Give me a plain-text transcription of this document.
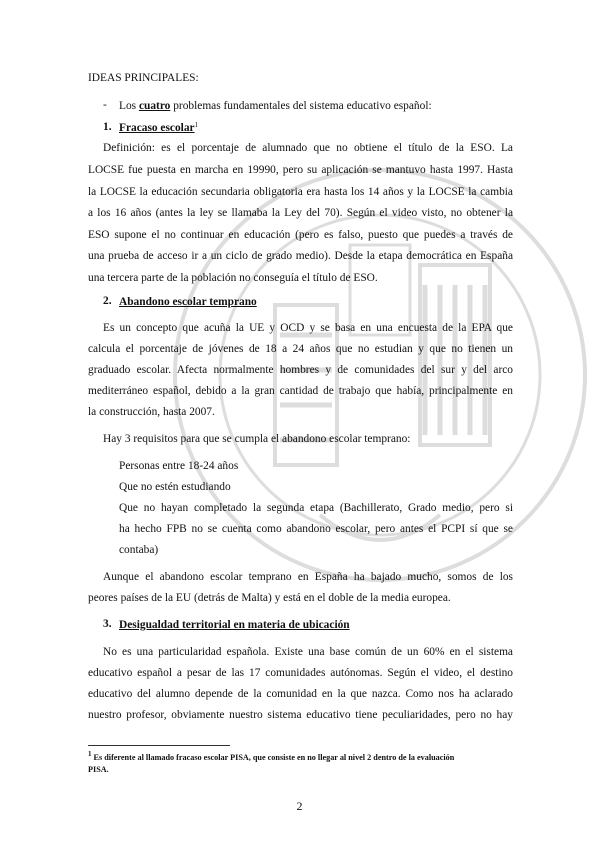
IDEAS PRINCIPALES:
- Los cuatro problemas fundamentales del sistema educativo español:
1. Fracaso escolar$^1$
Definición: es el porcentaje de alumnado que no obtiene el título de la ESO. La
LOCSE fue puesta en marcha en 19990, pero su aplicación se mantuvo hasta 1997. Hasta
la LOCSE la educación secundaria obligatoria era hasta los 14 años y la LOCSE la cambia
a los 16 años (antes la ley se llamaba la Ley del 70). Según el video visto, no obtener la
ESO supone el no continuar en educación (pero es falso, puesto que puedes a través de
una prueba de acceso ir a un ciclo de grado medio). Desde la etapa democrática en España
una tercera parte de la población no conseguía el título de ESO.
2. Abandono escolar temprano
Es un concepto que acuña la UE y OCD y se basa en una encuesta de la EPA que
calcula el porcentaje de jóvenes de 18 a 24 años que no estudian y que no tienen un
graduado escolar. Afecta normalmente hombres y de comunidades del sur y del arco
mediterráneo español, debido a la gran cantidad de trabajo que había, principalmente en
la construcción, hasta 2007.
Hay 3 requisitos para que se cumpla el abandono escolar temprano:
Personas entre 18-24 años
Que no estén estudiando
Que no hayan completado la segunda etapa (Bachillerato, Grado medio, pero si
ha hecho FPB no se cuenta como abandono escolar, pero antes el PCPI sí que se
contaba)
Aunque el abandono escolar temprano en España ha bajado mucho, somos de los
peores países de la EU (detrás de Malta) y está en el doble de la media europea.
3. Desigualdad territorial en materia de ubicación
No es una particularidad española. Existe una base común de un 60% en el sistema
educativo español a pesar de las 17 comunidades autónomas. Según el video, el destino
educativo del alumno depende de la comunidad en la que nazca. Como nos ha aclarado
nuestro profesor, obviamente nuestro sistema educativo tiene peculiaridades, pero no hay
$^1$ Es diferente al llamado fracaso escolar PISA, que consiste en no llegar al nivel 2 dentro de la evaluación
PISA.
2
